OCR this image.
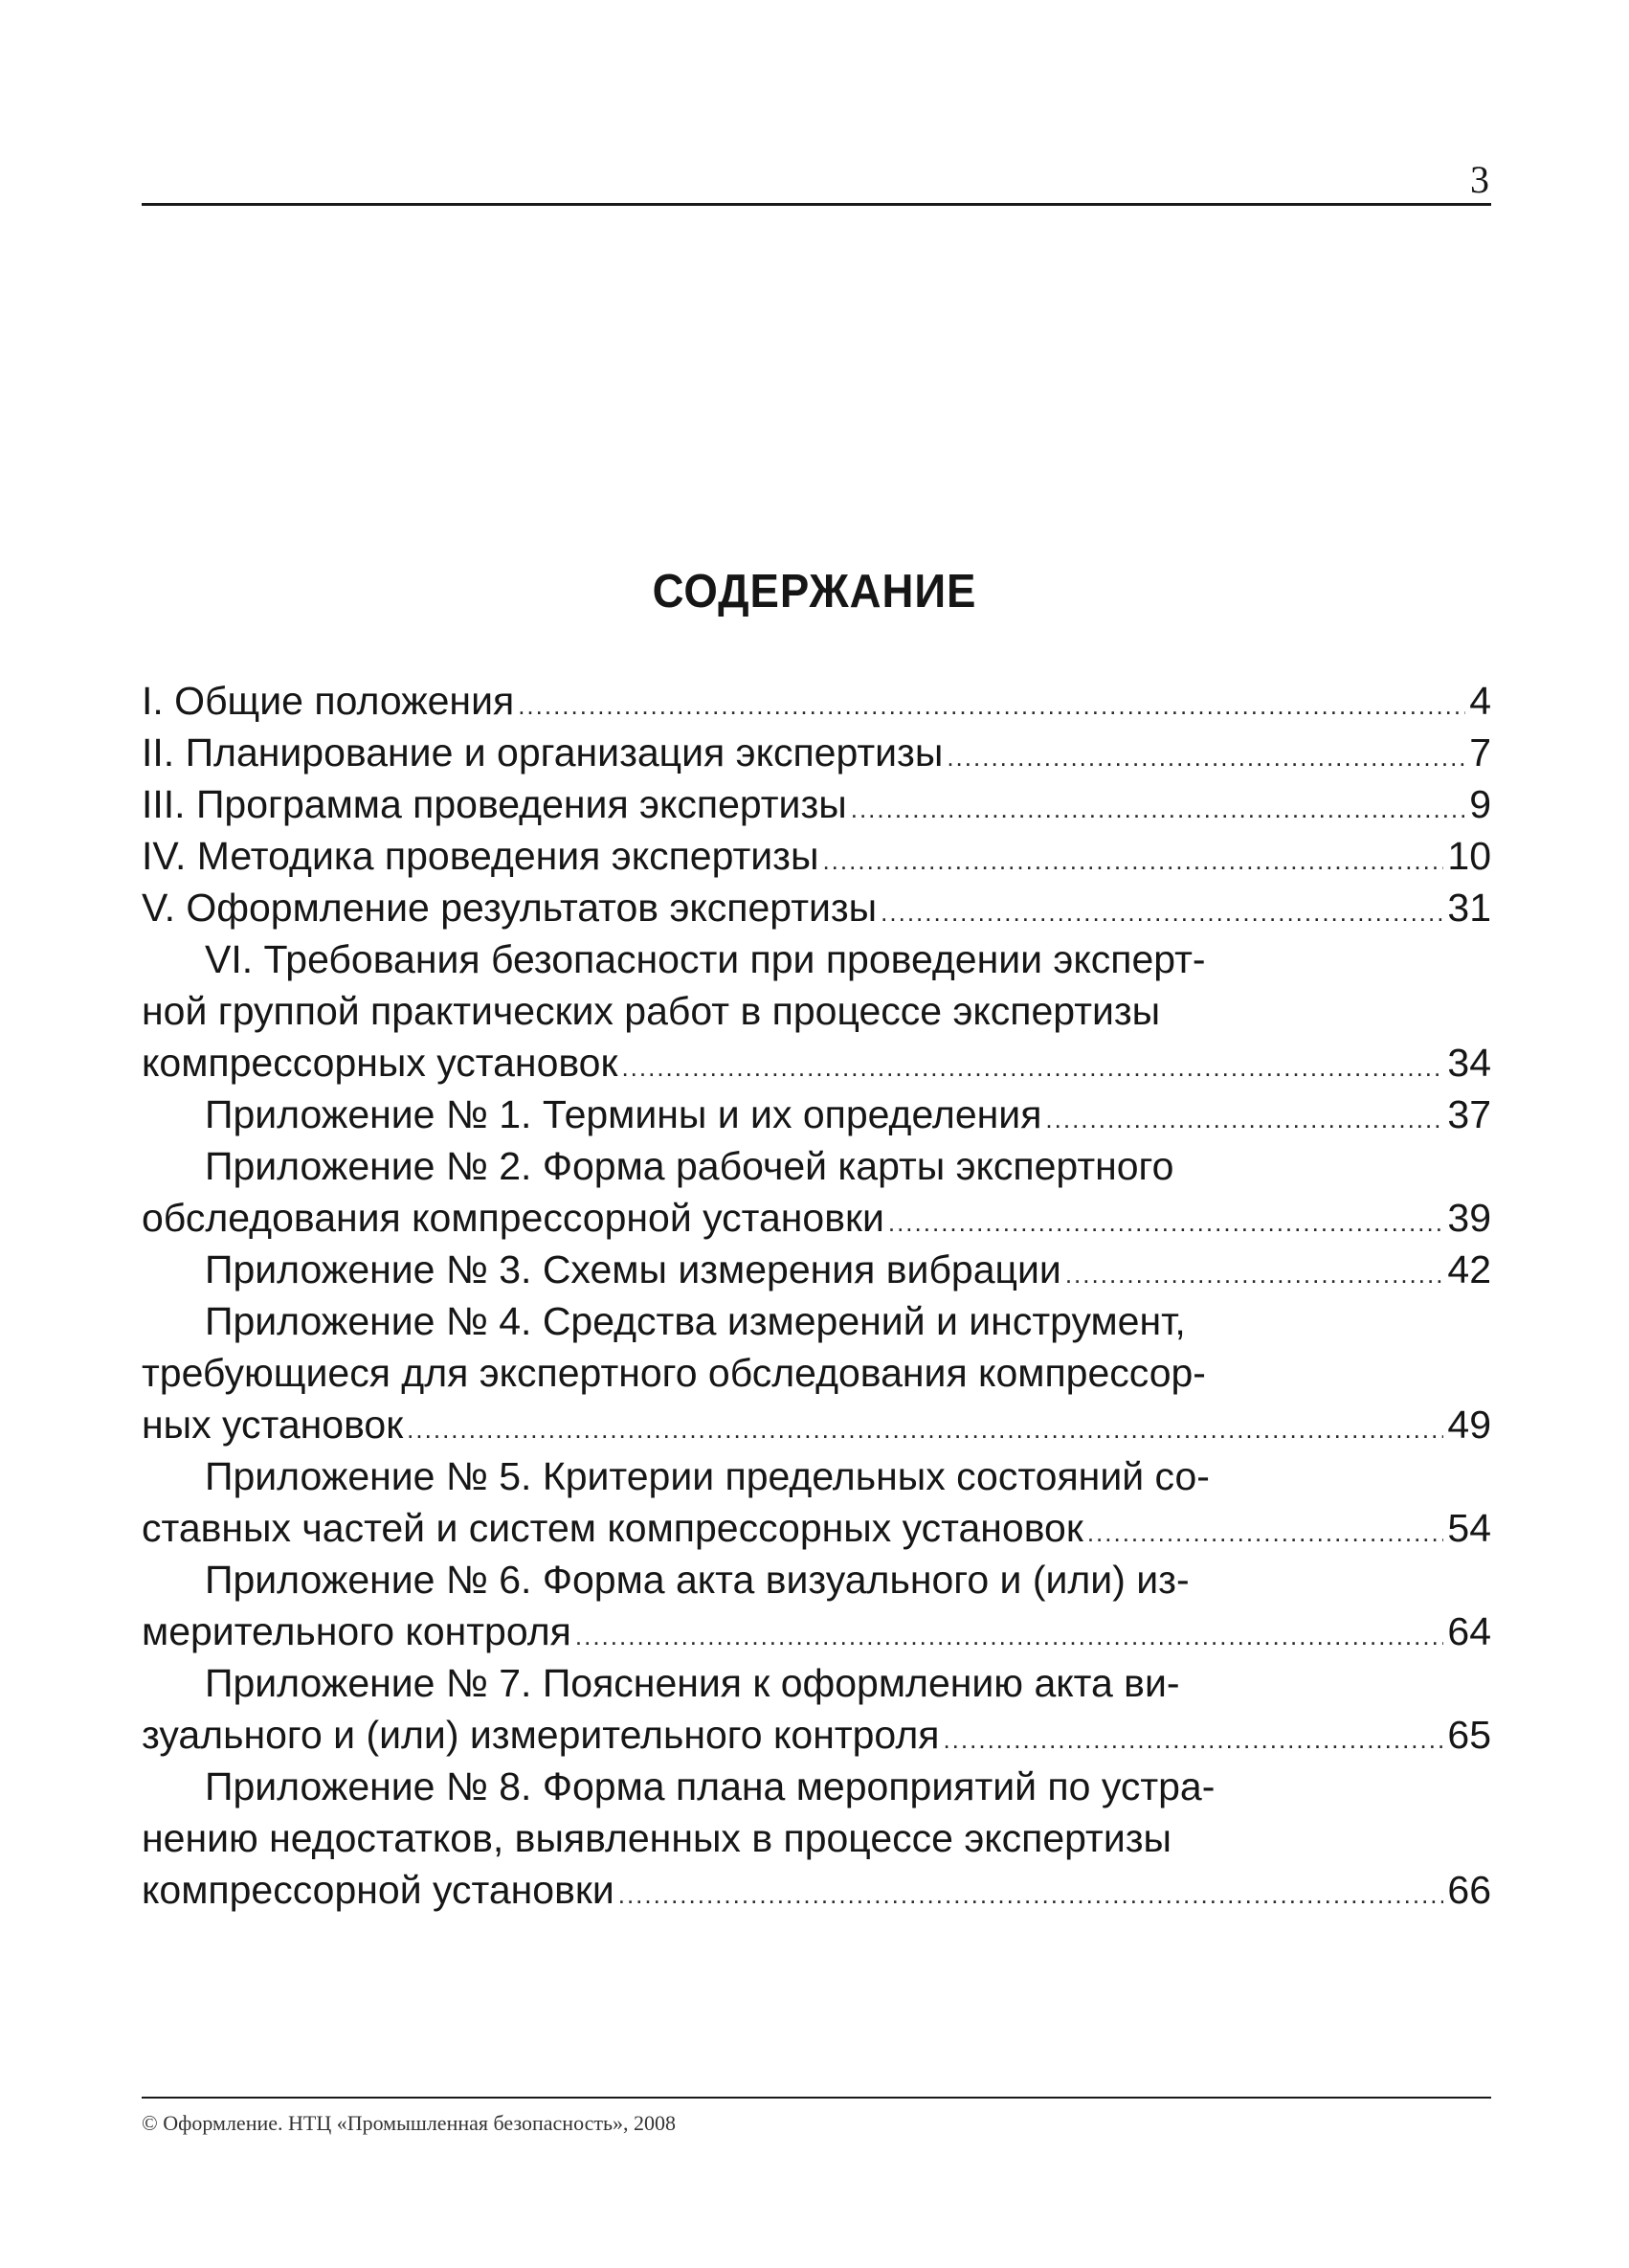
3
СОДЕРЖАНИЕ
I. Общие положения .....	4
II. Планирование и организация экспертизы .....	7
III. Программа проведения экспертизы .....	9
IV. Методика проведения экспертизы .....	10
V. Оформление результатов экспертизы .....	31
VI. Требования безопасности при проведении эксперт-
ной группой практических работ в процессе экспертизы
компрессорных установок .....	34
Приложение № 1. Термины и их определения .....	37
Приложение № 2. Форма рабочей карты экспертного
обследования компрессорной установки .....	39
Приложение № 3. Схемы измерения вибрации .....	42
Приложение № 4. Средства измерений и инструмент,
требующиеся для экспертного обследования компрессор-
ных установок .....	49
Приложение № 5. Критерии предельных состояний со-
ставных частей и систем компрессорных установок .....	54
Приложение № 6. Форма акта визуального и (или) из-
мерительного контроля .....	64
Приложение № 7. Пояснения к оформлению акта ви-
зуального и (или) измерительного контроля .....	65
Приложение № 8. Форма плана мероприятий по устра-
нению недостатков, выявленных в процессе экспертизы
компрессорной установки .....	66
© Оформление. НТЦ «Промышленная безопасность», 2008
